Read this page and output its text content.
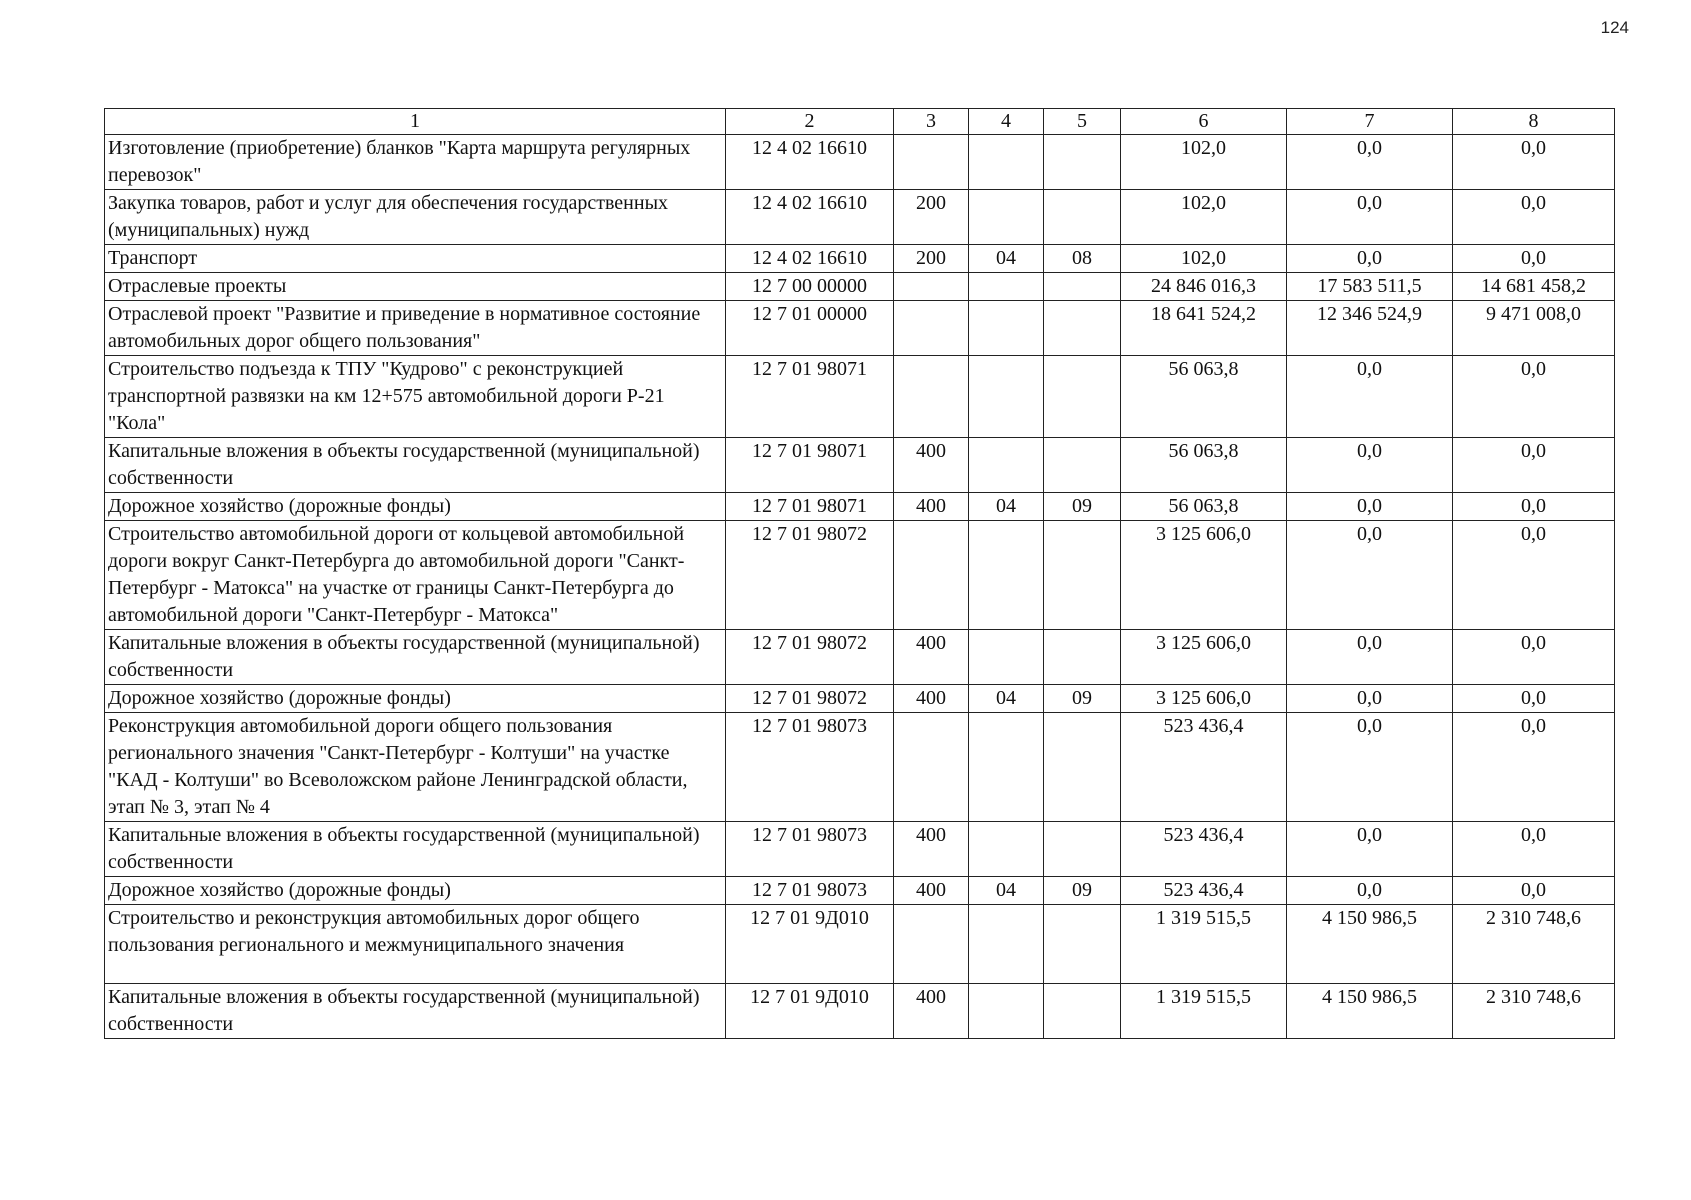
124
1	2	3	4	5	6	7	8
Изготовление (приобретение) бланков "Карта маршрута регулярных перевозок"	12 4 02 16610				102,0	0,0	0,0
Закупка товаров, работ и услуг для обеспечения государственных (муниципальных) нужд	12 4 02 16610	200			102,0	0,0	0,0
Транспорт	12 4 02 16610	200	04	08	102,0	0,0	0,0
Отраслевые проекты	12 7 00 00000				24 846 016,3	17 583 511,5	14 681 458,2
Отраслевой проект "Развитие и приведение в нормативное состояние автомобильных дорог общего пользования"	12 7 01 00000				18 641 524,2	12 346 524,9	9 471 008,0
Строительство подъезда к ТПУ "Кудрово" с реконструкцией транспортной развязки на км 12+575 автомобильной дороги Р-21 "Кола"	12 7 01 98071				56 063,8	0,0	0,0
Капитальные вложения в объекты государственной (муниципальной) собственности	12 7 01 98071	400			56 063,8	0,0	0,0
Дорожное хозяйство (дорожные фонды)	12 7 01 98071	400	04	09	56 063,8	0,0	0,0
Строительство автомобильной дороги от кольцевой автомобильной дороги вокруг Санкт-Петербурга до автомобильной дороги "Санкт-Петербург - Матокса" на участке от границы Санкт-Петербурга до автомобильной дороги "Санкт-Петербург - Матокса"	12 7 01 98072				3 125 606,0	0,0	0,0
Капитальные вложения в объекты государственной (муниципальной) собственности	12 7 01 98072	400			3 125 606,0	0,0	0,0
Дорожное хозяйство (дорожные фонды)	12 7 01 98072	400	04	09	3 125 606,0	0,0	0,0
Реконструкция автомобильной дороги общего пользования регионального значения "Санкт-Петербург - Колтуши" на участке "КАД - Колтуши" во Всеволожском районе Ленинградской области, этап № 3, этап № 4	12 7 01 98073				523 436,4	0,0	0,0
Капитальные вложения в объекты государственной (муниципальной) собственности	12 7 01 98073	400			523 436,4	0,0	0,0
Дорожное хозяйство (дорожные фонды)	12 7 01 98073	400	04	09	523 436,4	0,0	0,0
Строительство и реконструкция автомобильных дорог общего пользования регионального и межмуниципального значения	12 7 01 9Д010				1 319 515,5	4 150 986,5	2 310 748,6
Капитальные вложения в объекты государственной (муниципальной) собственности	12 7 01 9Д010	400			1 319 515,5	4 150 986,5	2 310 748,6
